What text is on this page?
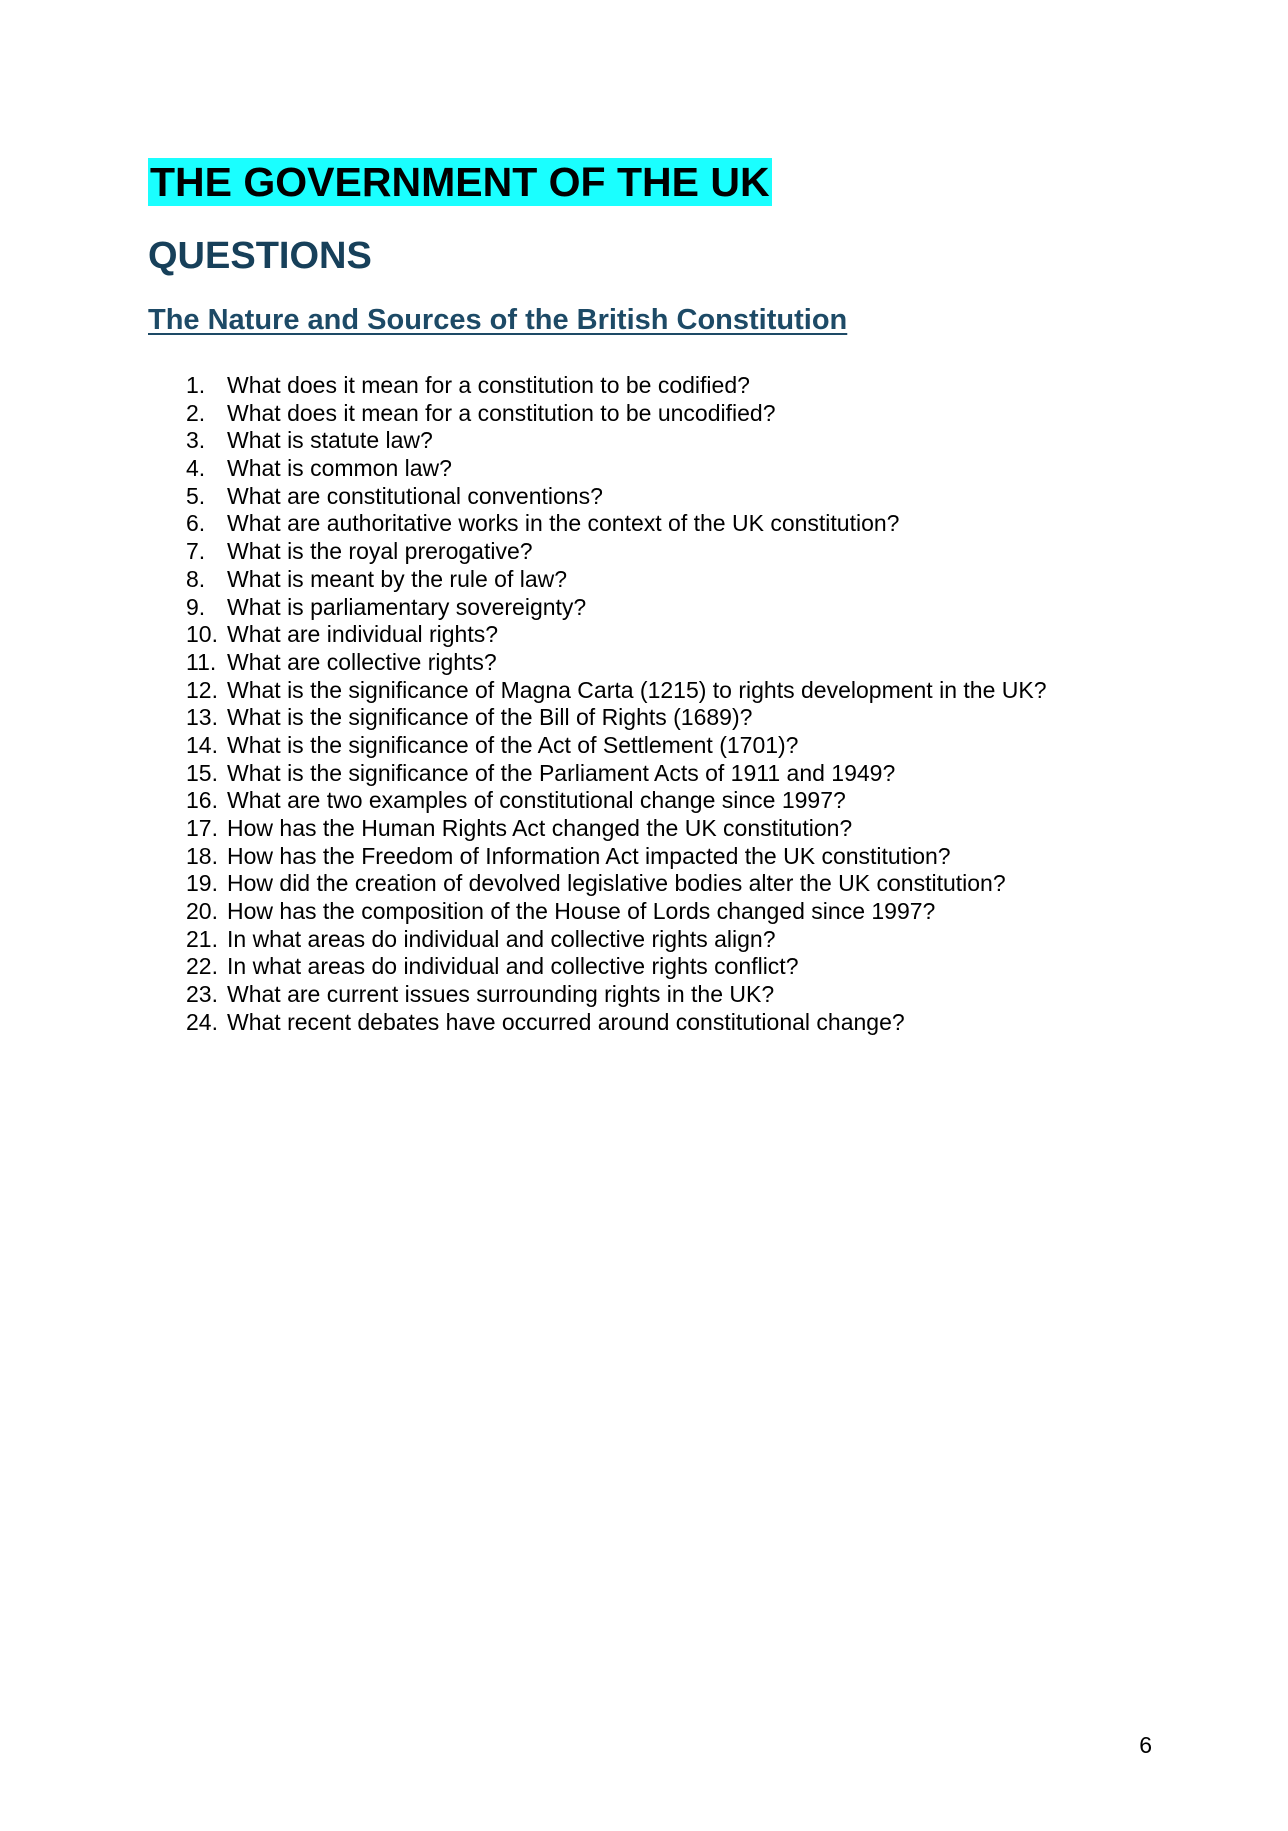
THE GOVERNMENT OF THE UK
QUESTIONS
The Nature and Sources of the British Constitution
1. What does it mean for a constitution to be codified?
2. What does it mean for a constitution to be uncodified?
3. What is statute law?
4. What is common law?
5. What are constitutional conventions?
6. What are authoritative works in the context of the UK constitution?
7. What is the royal prerogative?
8. What is meant by the rule of law?
9. What is parliamentary sovereignty?
10. What are individual rights?
11. What are collective rights?
12. What is the significance of Magna Carta (1215) to rights development in the UK?
13. What is the significance of the Bill of Rights (1689)?
14. What is the significance of the Act of Settlement (1701)?
15. What is the significance of the Parliament Acts of 1911 and 1949?
16. What are two examples of constitutional change since 1997?
17. How has the Human Rights Act changed the UK constitution?
18. How has the Freedom of Information Act impacted the UK constitution?
19. How did the creation of devolved legislative bodies alter the UK constitution?
20. How has the composition of the House of Lords changed since 1997?
21. In what areas do individual and collective rights align?
22. In what areas do individual and collective rights conflict?
23. What are current issues surrounding rights in the UK?
24. What recent debates have occurred around constitutional change?
6
